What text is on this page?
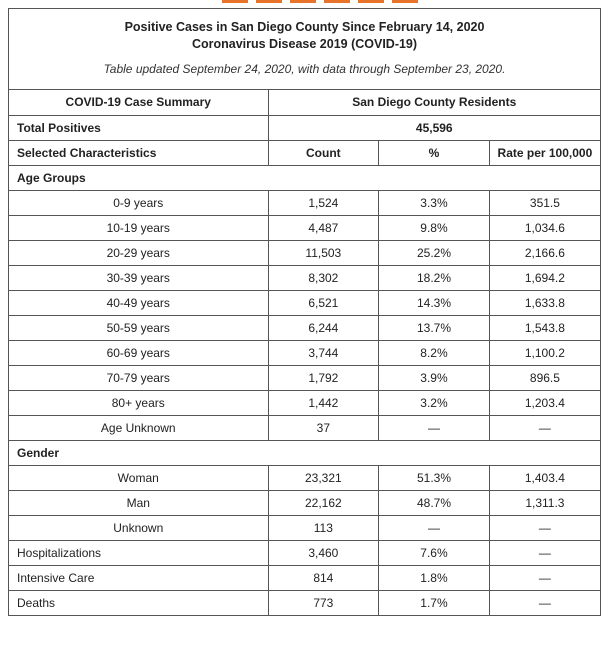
Positive Cases in San Diego County Since February 14, 2020
Coronavirus Disease 2019 (COVID-19)
Table updated September 24, 2020, with data through September 23, 2020.
COVID-19 Case Summary	San Diego County Residents		
Total Positives	45,596		
Selected Characteristics	Count	%	Rate per 100,000
Age Groups			
0-9 years	1,524	3.3%	351.5
10-19 years	4,487	9.8%	1,034.6
20-29 years	11,503	25.2%	2,166.6
30-39 years	8,302	18.2%	1,694.2
40-49 years	6,521	14.3%	1,633.8
50-59 years	6,244	13.7%	1,543.8
60-69 years	3,744	8.2%	1,100.2
70-79 years	1,792	3.9%	896.5
80+ years	1,442	3.2%	1,203.4
Age Unknown	37	—	—
Gender			
Woman	23,321	51.3%	1,403.4
Man	22,162	48.7%	1,311.3
Unknown	113	—	—
Hospitalizations	3,460	7.6%	—
Intensive Care	814	1.8%	—
Deaths	773	1.7%	—
